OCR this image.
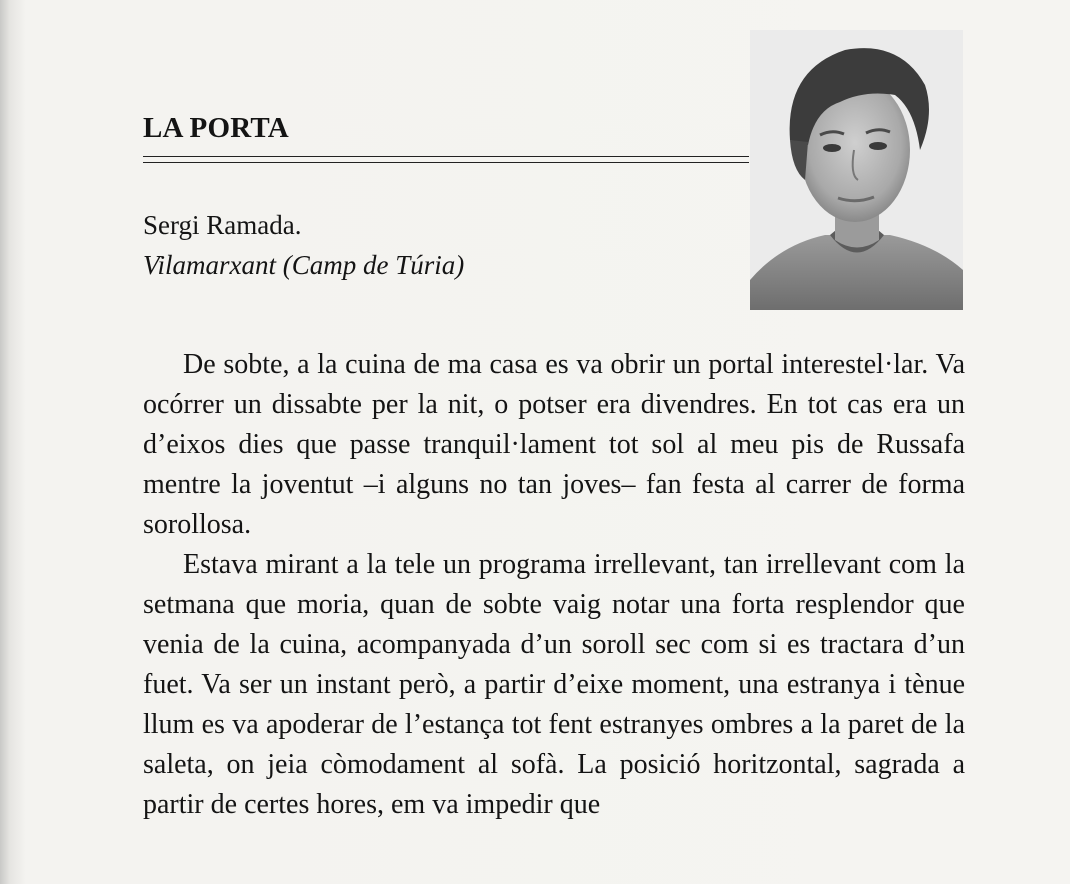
LA PORTA
Sergi Ramada.
Vilamarxant (Camp de Túria)

De sobte, a la cuina de ma casa es va obrir un portal interestel·lar. Va ocórrer un dissabte per la nit, o potser era divendres. En tot cas era un d’eixos dies que passe tranquil·lament tot sol al meu pis de Russafa mentre la joventut –i alguns no tan joves– fan festa al carrer de forma sorollosa.

Estava mirant a la tele un programa irrellevant, tan irrellevant com la setmana que moria, quan de sobte vaig notar una forta resplendor que venia de la cuina, acompanyada d’un soroll sec com si es tractara d’un fuet. Va ser un instant però, a partir d’eixe moment, una estranya i tènue llum es va apoderar de l’estança tot fent estranyes ombres a la paret de la saleta, on jeia còmodament al sofà. La posició horitzontal, sagrada a partir de certes hores, em va impedir que
